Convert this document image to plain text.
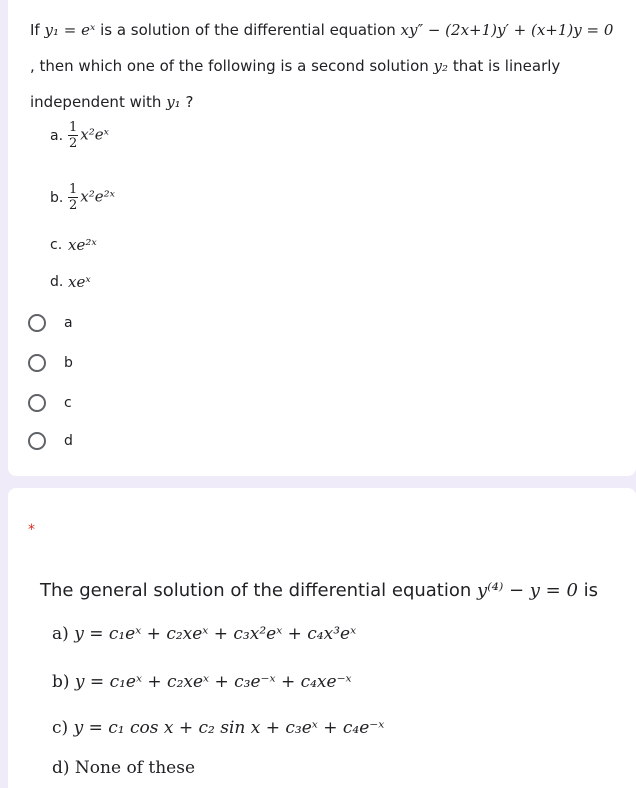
If y₁ = eˣ is a solution of the differential equation xy″ − (2x+1)y′ + (x+1)y = 0
, then which one of the following is a second solution y₂ that is linearly independent with y₁ ?
a. $\frac{1}{2}$ x²eˣ
b. $\frac{1}{2}$ x²e²ˣ
c. xe²ˣ
d. xeˣ
a
b
c
d
*
The general solution of the differential equation y⁽⁴⁾ − y = 0 is
a) y = c₁eˣ + c₂xeˣ + c₃x²eˣ + c₄x³eˣ
b) y = c₁eˣ + c₂xeˣ + c₃e⁻ˣ + c₄xe⁻ˣ
c) y = c₁ cos x + c₂ sin x + c₃eˣ + c₄e⁻ˣ
d) None of these
